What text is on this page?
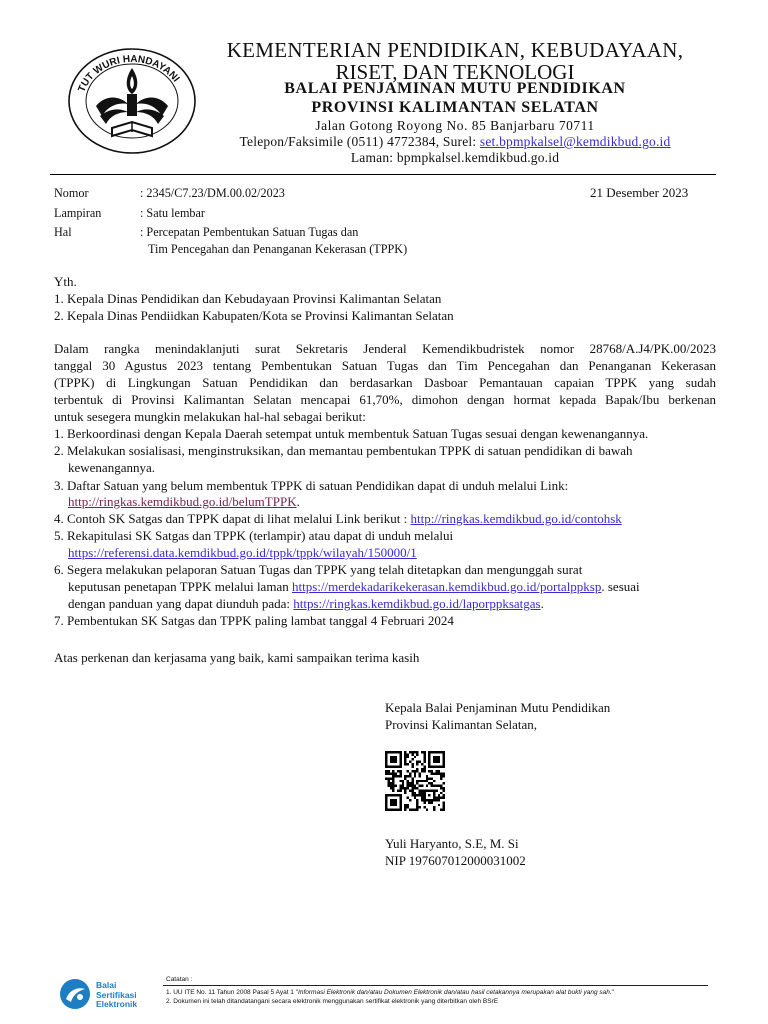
TUT WURI HANDAYANI
KEMENTERIAN PENDIDIKAN, KEBUDAYAAN,
RISET, DAN TEKNOLOGI
BALAI PENJAMINAN MUTU PENDIDIKAN
PROVINSI KALIMANTAN SELATAN
Jalan Gotong Royong No. 85 Banjarbaru 70711
Telepon/Faksimile (0511) 4772384, Surel: set.bpmpkalsel@kemdikbud.go.id
Laman: bpmpkalsel.kemdikbud.go.id
Nomor	: 2345/C7.23/DM.00.02/2023	21 Desember 2023
Lampiran	: Satu lembar
Hal	: Percepatan Pembentukan Satuan Tugas dan
Tim Pencegahan dan Penanganan Kekerasan (TPPK)
Yth.
1. Kepala Dinas Pendidikan dan Kebudayaan Provinsi Kalimantan Selatan
2. Kepala Dinas Pendiidkan Kabupaten/Kota se Provinsi Kalimantan Selatan
Dalam rangka menindaklanjuti surat Sekretaris Jenderal Kemendikbudristek nomor 28768/A.J4/PK.00/2023
tanggal 30 Agustus 2023 tentang Pembentukan Satuan Tugas dan Tim Pencegahan dan Penanganan Kekerasan
(TPPK) di Lingkungan Satuan Pendidikan dan berdasarkan Dasboar Pemantauan capaian TPPK yang sudah
terbentuk di Provinsi Kalimantan Selatan mencapai 61,70%, dimohon dengan hormat kepada Bapak/Ibu berkenan
untuk sesegera mungkin melakukan hal-hal sebagai berikut:
1. Berkoordinasi dengan Kepala Daerah setempat untuk membentuk Satuan Tugas sesuai dengan kewenangannya.
2. Melakukan sosialisasi, menginstruksikan, dan memantau pembentukan TPPK di satuan pendidikan di bawah
kewenangannya.
3. Daftar Satuan yang belum membentuk TPPK di satuan Pendidikan dapat di unduh melalui Link:
http://ringkas.kemdikbud.go.id/belumTPPK.
4. Contoh SK Satgas dan TPPK dapat di lihat melalui Link berikut : http://ringkas.kemdikbud.go.id/contohsk
5. Rekapitulasi SK Satgas dan TPPK (terlampir) atau dapat di unduh melalui
https://referensi.data.kemdikbud.go.id/tppk/tppk/wilayah/150000/1
6. Segera melakukan pelaporan Satuan Tugas dan TPPK yang telah ditetapkan dan mengunggah surat
keputusan penetapan TPPK melalui laman https://merdekadarikekerasan.kemdikbud.go.id/portalppksp. sesuai
dengan panduan yang dapat diunduh pada: https://ringkas.kemdikbud.go.id/laporppksatgas.
7. Pembentukan SK Satgas dan TPPK paling lambat tanggal 4 Februari 2024
Atas perkenan dan kerjasama yang baik, kami sampaikan terima kasih
Kepala Balai Penjaminan Mutu Pendidikan
Provinsi Kalimantan Selatan,
Yuli Haryanto, S.E, M. Si
NIP 197607012000031002
Balai
Sertifikasi
Elektronik
Catatan :
1. UU ITE No. 11 Tahun 2008 Pasal 5 Ayat 1 "Informasi Elektronik dan/atau Dokumen Elektronik dan/atau hasil cetakannya merupakan alat bukti yang sah."
2. Dokumen ini telah ditandatangani secara elektronik menggunakan sertifikat elektronik yang diterbitkan oleh BSrE
